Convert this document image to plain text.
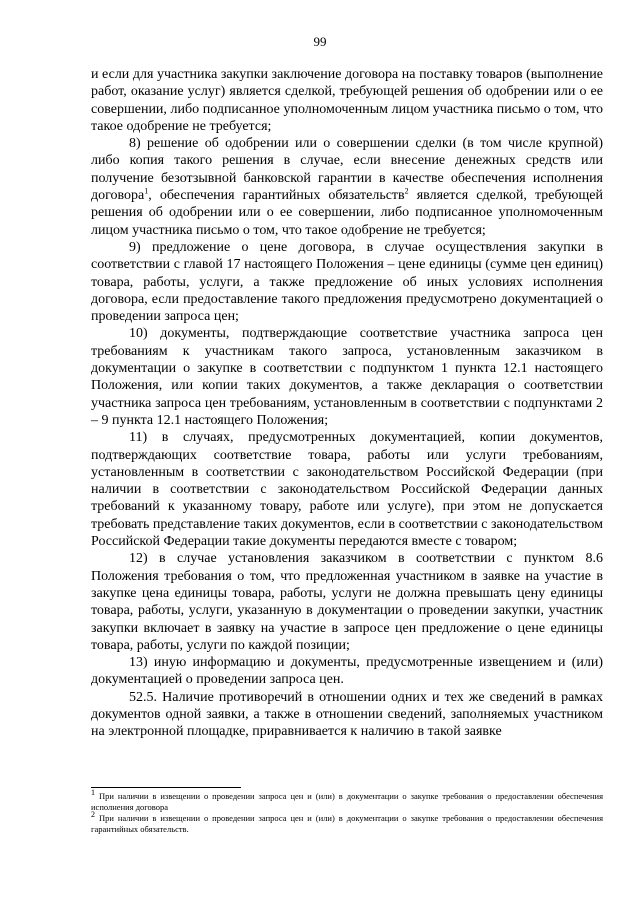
99

и если для участника закупки заключение договора на поставку товаров (выполнение работ, оказание услуг) является сделкой, требующей решения об одобрении или о ее совершении, либо подписанное уполномоченным лицом участника письмо о том, что такое одобрение не требуется;

8) решение об одобрении или о совершении сделки (в том числе крупной) либо копия такого решения в случае, если внесение денежных средств или получение безотзывной банковской гарантии в качестве обеспечения исполнения договора$^1$, обеспечения гарантийных обязательств$^2$ является сделкой, требующей решения об одобрении или о ее совершении, либо подписанное уполномоченным лицом участника письмо о том, что такое одобрение не требуется;

9) предложение о цене договора, в случае осуществления закупки в соответствии с главой 17 настоящего Положения – цене единицы (сумме цен единиц) товара, работы, услуги, а также предложение об иных условиях исполнения договора, если предоставление такого предложения предусмотрено документацией о проведении запроса цен;

10) документы, подтверждающие соответствие участника запроса цен требованиям к участникам такого запроса, установленным заказчиком в документации о закупке в соответствии с подпунктом 1 пункта 12.1 настоящего Положения, или копии таких документов, а также декларация о соответствии участника запроса цен требованиям, установленным в соответствии с подпунктами 2 – 9 пункта 12.1 настоящего Положения;

11) в случаях, предусмотренных документацией, копии документов, подтверждающих соответствие товара, работы или услуги требованиям, установленным в соответствии с законодательством Российской Федерации (при наличии в соответствии с законодательством Российской Федерации данных требований к указанному товару, работе или услуге), при этом не допускается требовать представление таких документов, если в соответствии с законодательством Российской Федерации такие документы передаются вместе с товаром;

12) в случае установления заказчиком в соответствии с пунктом 8.6 Положения требования о том, что предложенная участником в заявке на участие в закупке цена единицы товара, работы, услуги не должна превышать цену единицы товара, работы, услуги, указанную в документации о проведении закупки, участник закупки включает в заявку на участие в запросе цен предложение о цене единицы товара, работы, услуги по каждой позиции;

13) иную информацию и документы, предусмотренные извещением и (или) документацией о проведении запроса цен.

52.5. Наличие противоречий в отношении одних и тех же сведений в рамках документов одной заявки, а также в отношении сведений, заполняемых участником на электронной площадке, приравнивается к наличию в такой заявке

$^1$ При наличии в извещении о проведении запроса цен и (или) в документации о закупке требования о предоставлении обеспечения исполнения договора

$^2$ При наличии в извещении о проведении запроса цен и (или) в документации о закупке требования о предоставлении обеспечения гарантийных обязательств.
